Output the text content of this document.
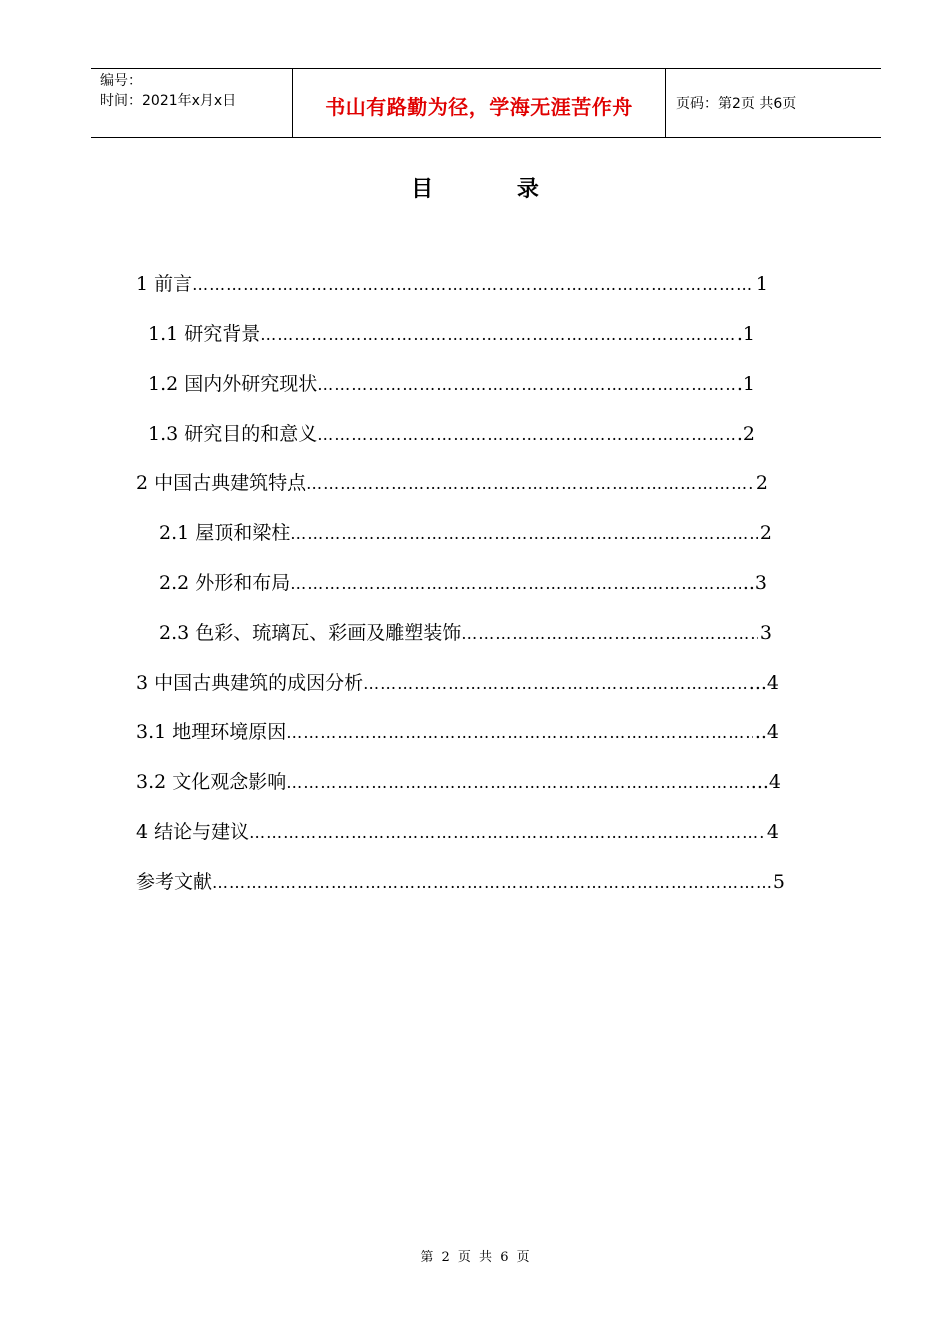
编号：
时间：2021年x月x日	书山有路勤为径，学海无涯苦作舟	页码：第2页 共6页
目 录
1 前言 …………………………………………………………………………………………………………………………………………	1
1.1 研究背景 …………………………………………………………………………………………………………………………………………	.1
1.2 国内外研究现状 …………………………………………………………………………………………………………………………………………	.1
1.3 研究目的和意义 …………………………………………………………………………………………………………………………………………	.2
2 中国古典建筑特点 …………………………………………………………………………………………………………………………………………	2
2.1 屋顶和梁柱 …………………………………………………………………………………………………………………………………………	2
2.2 外形和布局 …………………………………………………………………………………………………………………………………………	..3
2.3 色彩、琉璃瓦、彩画及雕塑装饰 …………………………………………………………………………………………………………………………………………	3
3 中国古典建筑的成因分析 …………………………………………………………………………………………………………………………………………	...4
3.1 地理环境原因 …………………………………………………………………………………………………………………………………………	..4
3.2 文化观念影响 …………………………………………………………………………………………………………………………………………	...4
4 结论与建议 …………………………………………………………………………………………………………………………………………	4
参考文献 …………………………………………………………………………………………………………………………………………	5
第 2 页 共 6 页
